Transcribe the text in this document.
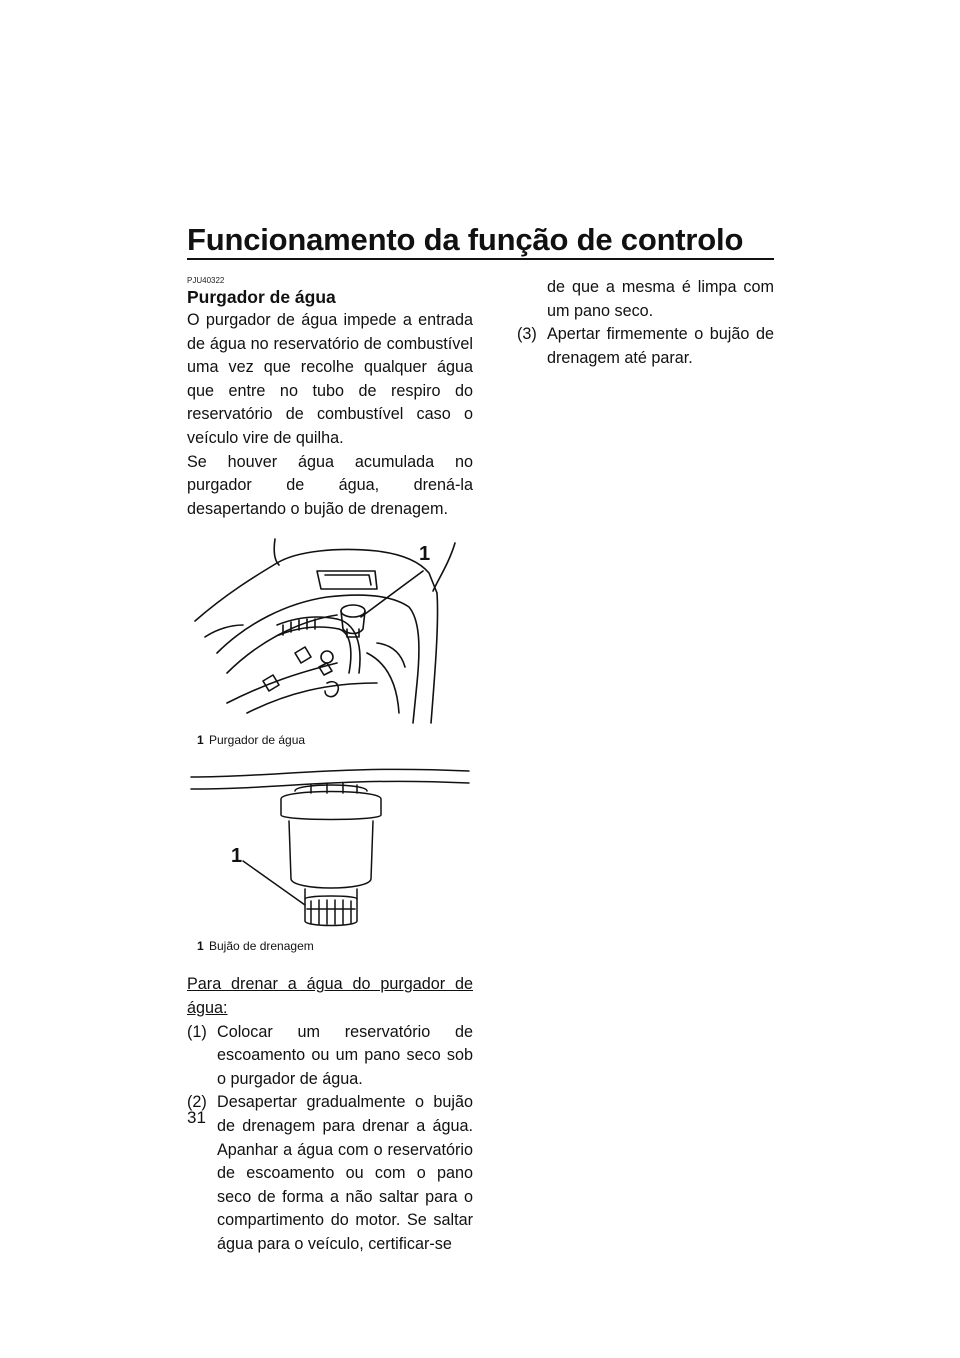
Funcionamento da função de controlo
PJU40322
Purgador de água

O purgador de água impede a entrada de água no reservatório de combustível uma vez que recolhe qualquer água que entre no tubo de respiro do reservatório de combustível caso o veículo vire de quilha.

Se houver água acumulada no purgador de água, drená-la desapertando o bujão de drenagem.

1
1 Purgador de água
1
1 Bujão de drenagem

Para drenar a água do purgador de água:

(1) Colocar um reservatório de escoamento ou um pano seco sob o purgador de água.
(2) Desapertar gradualmente o bujão de drenagem para drenar a água. Apanhar a água com o reservatório de escoamento ou com o pano seco de forma a não saltar para o compartimento do motor. Se saltar água para o veículo, certificar-se
de que a mesma é limpa com um pano seco.
(3) Apertar firmemente o bujão de drenagem até parar.
31
